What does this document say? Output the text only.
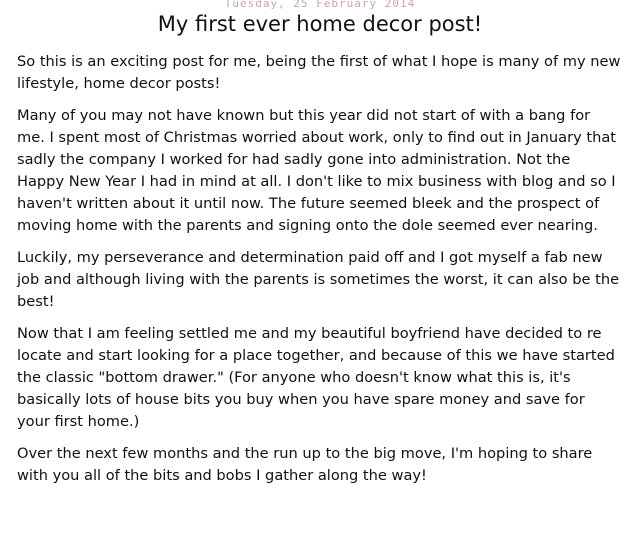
Tuesday, 25 February 2014
My first ever home decor post!

So this is an exciting post for me, being the first of what I hope is many of my new lifestyle, home decor posts!

Many of you may not have known but this year did not start of with a bang for me. I spent most of Christmas worried about work, only to find out in January that sadly the company I worked for had sadly gone into administration. Not the Happy New Year I had in mind at all. I don't like to mix business with blog and so I haven't written about it until now. The future seemed bleek and the prospect of moving home with the parents and signing onto the dole seemed ever nearing.

Luckily, my perseverance and determination paid off and I got myself a fab new job and although living with the parents is sometimes the worst, it can also be the best!

Now that I am feeling settled me and my beautiful boyfriend have decided to re locate and start looking for a place together, and because of this we have started the classic "bottom drawer." (For anyone who doesn't know what this is, it's basically lots of house bits you buy when you have spare money and save for your first home.)

Over the next few months and the run up to the big move, I'm hoping to share with you all of the bits and bobs I gather along the way!
